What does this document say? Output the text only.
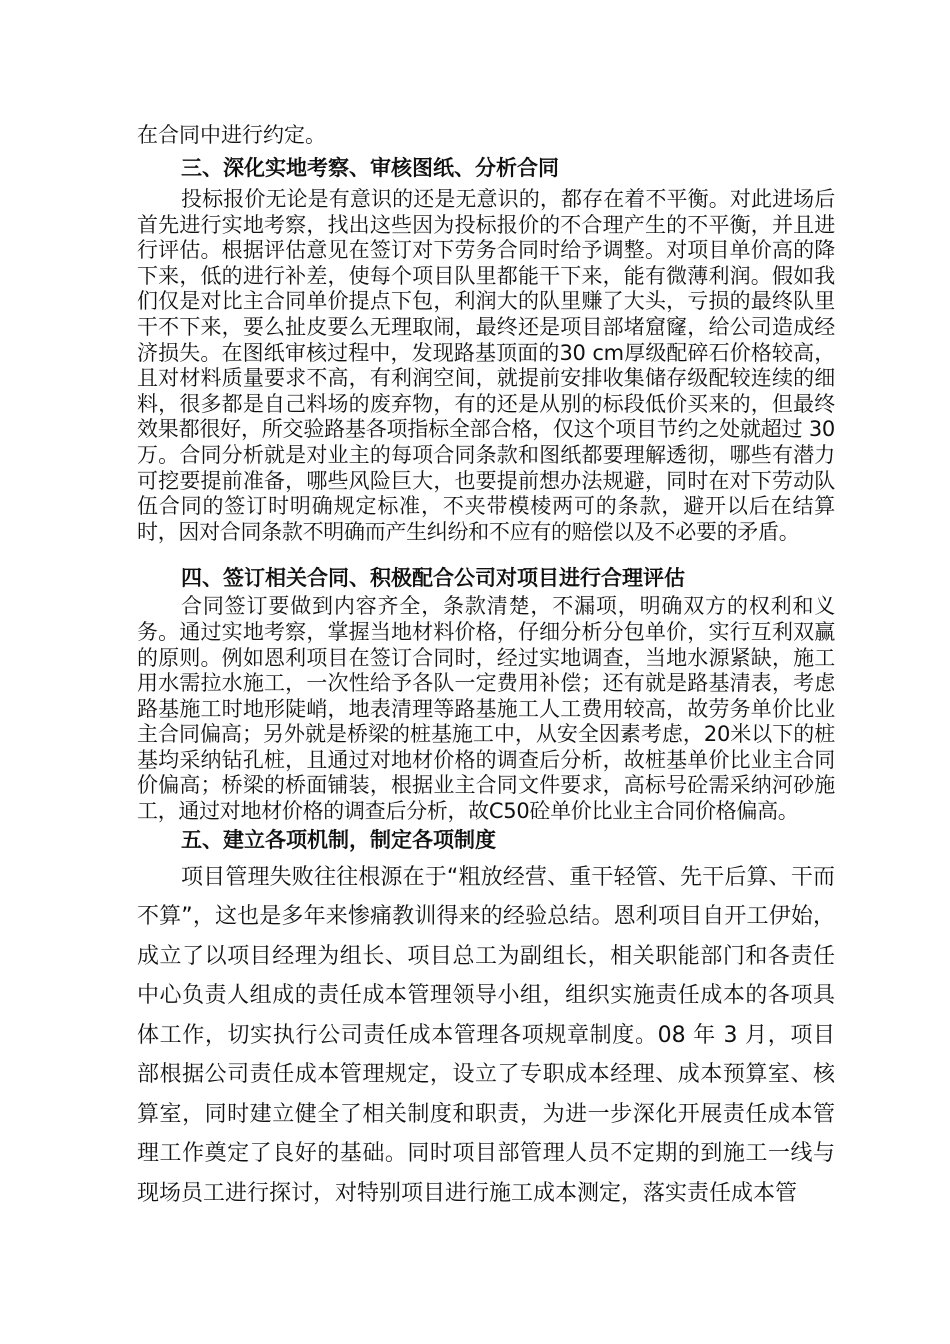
在合同中进行约定。

三、深化实地考察、审核图纸、分析合同

投标报价无论是有意识的还是无意识的，都存在着不平衡。对此进场后首先进行实地考察，找出这些因为投标报价的不合理产生的不平衡，并且进行评估。根据评估意见在签订对下劳务合同时给予调整。对项目单价高的降下来，低的进行补差，使每个项目队里都能干下来，能有微薄利润。假如我们仅是对比主合同单价提点下包，利润大的队里赚了大头，亏损的最终队里干不下来，要么扯皮要么无理取闹，最终还是项目部堵窟窿，给公司造成经济损失。在图纸审核过程中，发现路基顶面的30 cm厚级配碎石价格较高，且对材料质量要求不高，有利润空间，就提前安排收集储存级配较连续的细料，很多都是自己料场的废弃物，有的还是从别的标段低价买来的，但最终效果都很好，所交验路基各项指标全部合格，仅这个项目节约之处就超过 30 万。合同分析就是对业主的每项合同条款和图纸都要理解透彻，哪些有潜力可挖要提前准备，哪些风险巨大，也要提前想办法规避，同时在对下劳动队伍合同的签订时明确规定标准，不夹带模棱两可的条款，避开以后在结算时，因对合同条款不明确而产生纠纷和不应有的赔偿以及不必要的矛盾。

四、签订相关合同、积极配合公司对项目进行合理评估

合同签订要做到内容齐全，条款清楚，不漏项，明确双方的权利和义务。通过实地考察，掌握当地材料价格，仔细分析分包单价，实行互利双赢的原则。例如恩利项目在签订合同时，经过实地调查，当地水源紧缺，施工用水需拉水施工，一次性给予各队一定费用补偿；还有就是路基清表，考虑路基施工时地形陡峭，地表清理等路基施工人工费用较高，故劳务单价比业主合同偏高；另外就是桥梁的桩基施工中，从安全因素考虑，20米以下的桩基均采纳钻孔桩，且通过对地材价格的调查后分析，故桩基单价比业主合同价偏高；桥梁的桥面铺装，根据业主合同文件要求，高标号砼需采纳河砂施工，通过对地材价格的调查后分析，故C50砼单价比业主合同价格偏高。

五、建立各项机制，制定各项制度

项目管理失败往往根源在于“粗放经营、重干轻管、先干后算、干而不算”，这也是多年来惨痛教训得来的经验总结。恩利项目自开工伊始，成立了以项目经理为组长、项目总工为副组长，相关职能部门和各责任中心负责人组成的责任成本管理领导小组，组织实施责任成本的各项具体工作，切实执行公司责任成本管理各项规章制度。08 年 3 月，项目部根据公司责任成本管理规定，设立了专职成本经理、成本预算室、核算室，同时建立健全了相关制度和职责，为进一步深化开展责任成本管理工作奠定了良好的基础。同时项目部管理人员不定期的到施工一线与现场员工进行探讨，对特别项目进行施工成本测定，落实责任成本管
